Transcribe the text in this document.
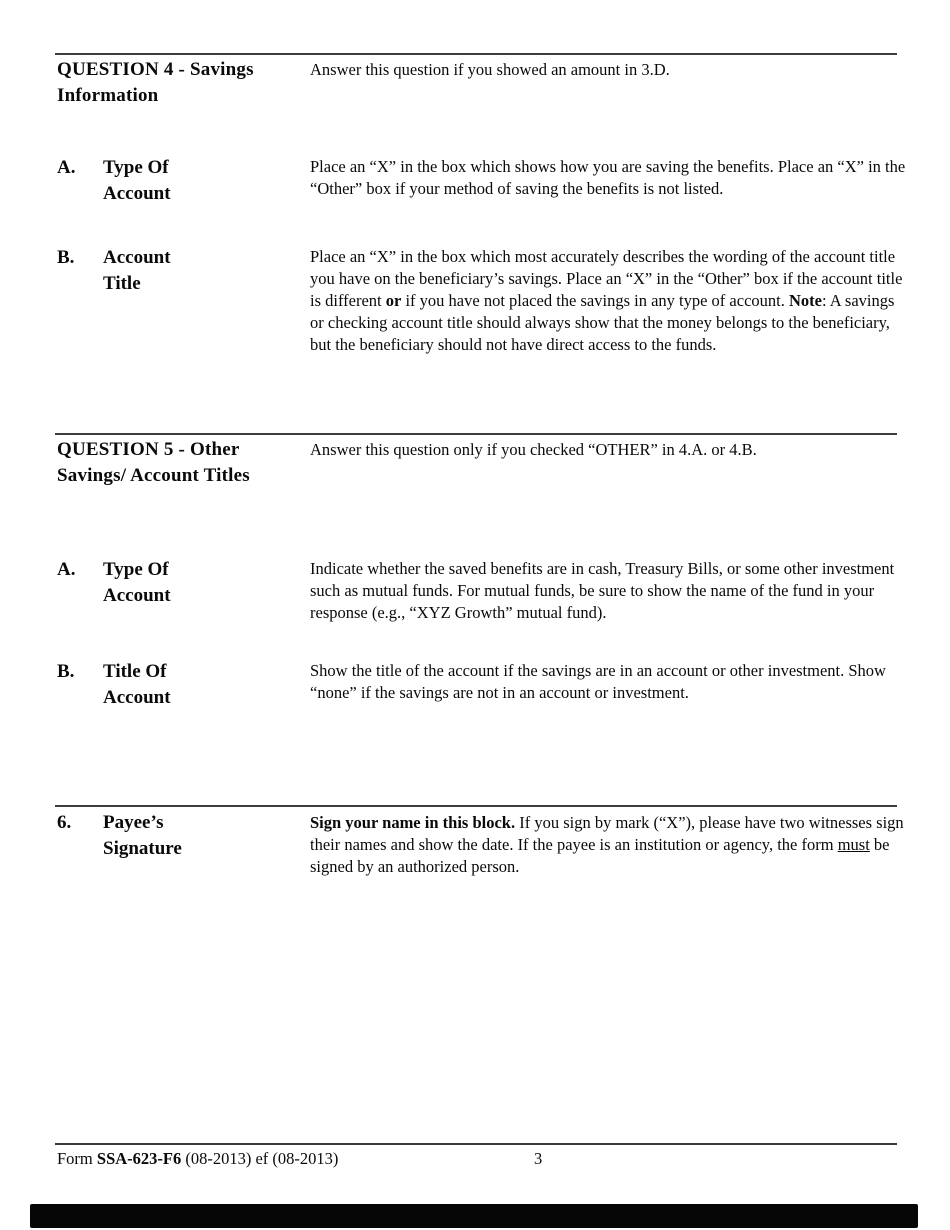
QUESTION 4 - Savings Information
Answer this question if you showed an amount in 3.D.
A. Type Of Account
Place an “X” in the box which shows how you are saving the benefits. Place an “X” in the “Other” box if your method of saving the benefits is not listed.
B. Account Title
Place an “X” in the box which most accurately describes the wording of the account title you have on the beneficiary’s savings. Place an “X” in the “Other” box if the account title is different or if you have not placed the savings in any type of account. Note: A savings or checking account title should always show that the money belongs to the beneficiary, but the beneficiary should not have direct access to the funds.
QUESTION 5 - Other Savings/ Account Titles
Answer this question only if you checked “OTHER” in 4.A. or 4.B.
A. Type Of Account
Indicate whether the saved benefits are in cash, Treasury Bills, or some other investment such as mutual funds. For mutual funds, be sure to show the name of the fund in your response (e.g., “XYZ Growth” mutual fund).
B. Title Of Account
Show the title of the account if the savings are in an account or other investment. Show “none” if the savings are not in an account or investment.
6. Payee’s Signature
Sign your name in this block. If you sign by mark (“X”), please have two witnesses sign their names and show the date. If the payee is an institution or agency, the form must be signed by an authorized person.
Form SSA-623-F6 (08-2013) ef (08-2013)	3
